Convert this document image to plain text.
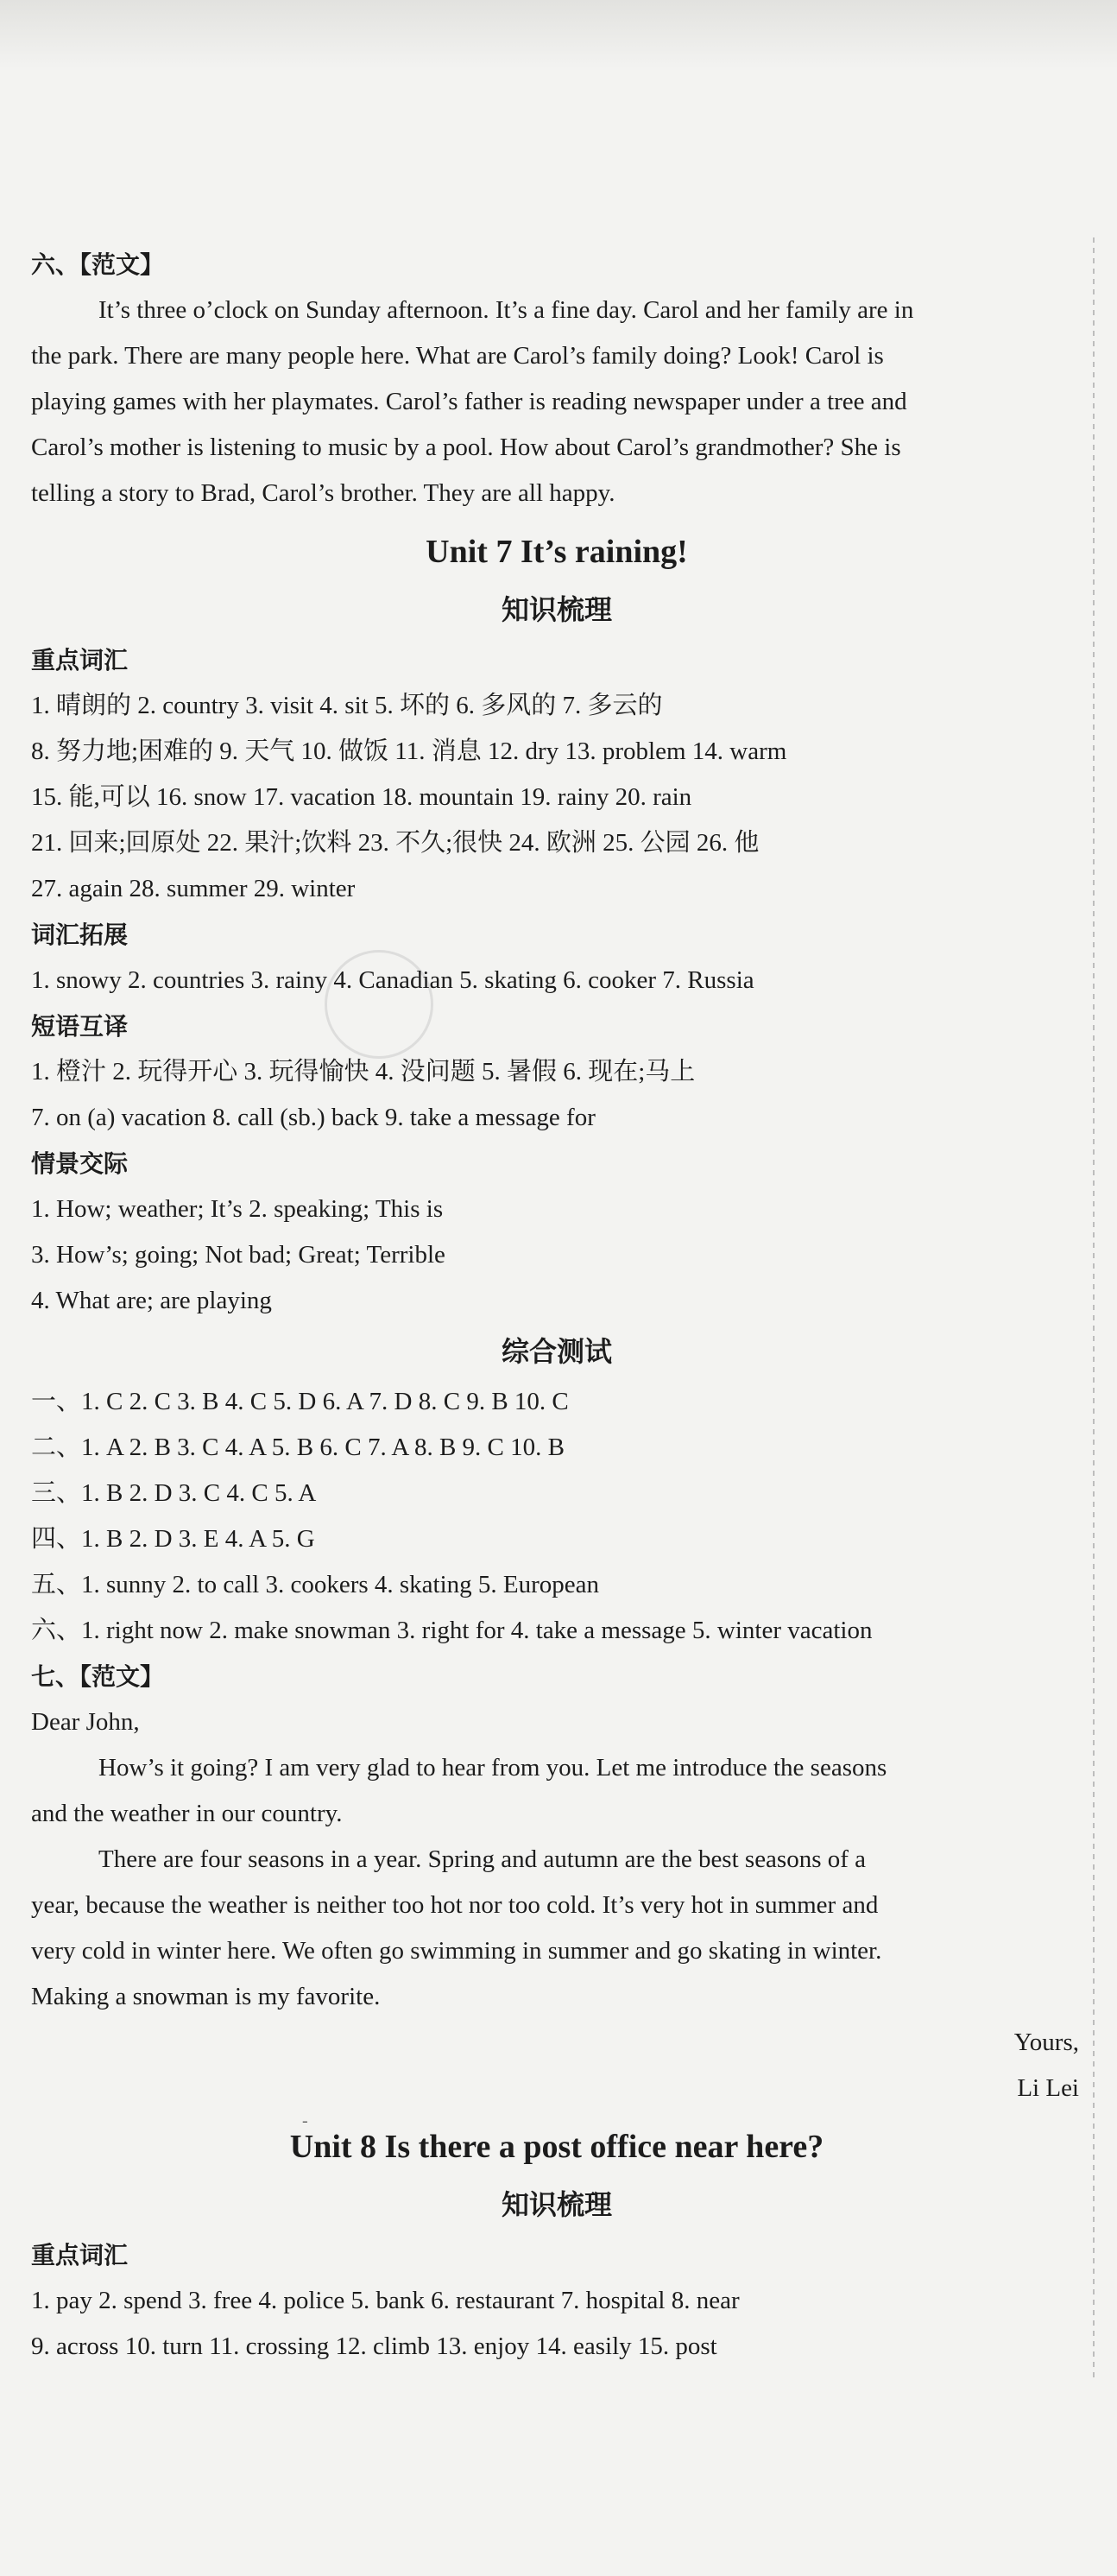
-
六、【范文】
It’s three o’clock on Sunday afternoon. It’s a fine day. Carol and her family are in
the park. There are many people here. What are Carol’s family doing? Look! Carol is
playing games with her playmates. Carol’s father is reading newspaper under a tree and
Carol’s mother is listening to music by a pool. How about Carol’s grandmother? She is
telling a story to Brad, Carol’s brother. They are all happy.
Unit 7 It’s raining!
知识梳理
重点词汇
1. 晴朗的 2. country 3. visit 4. sit 5. 坏的 6. 多风的 7. 多云的
8. 努力地;困难的 9. 天气 10. 做饭 11. 消息 12. dry 13. problem 14. warm
15. 能,可以 16. snow 17. vacation 18. mountain 19. rainy 20. rain
21. 回来;回原处 22. 果汁;饮料 23. 不久;很快 24. 欧洲 25. 公园 26. 他
27. again 28. summer 29. winter
词汇拓展
1. snowy 2. countries 3. rainy 4. Canadian 5. skating 6. cooker 7. Russia
短语互译
1. 橙汁 2. 玩得开心 3. 玩得愉快 4. 没问题 5. 暑假 6. 现在;马上
7. on (a) vacation 8. call (sb.) back 9. take a message for
情景交际
1. How; weather; It’s 2. speaking; This is
3. How’s; going; Not bad; Great; Terrible
4. What are; are playing
综合测试
一、1. C 2. C 3. B 4. C 5. D 6. A 7. D 8. C 9. B 10. C
二、1. A 2. B 3. C 4. A 5. B 6. C 7. A 8. B 9. C 10. B
三、1. B 2. D 3. C 4. C 5. A
四、1. B 2. D 3. E 4. A 5. G
五、1. sunny 2. to call 3. cookers 4. skating 5. European
六、1. right now 2. make snowman 3. right for 4. take a message 5. winter vacation
七、【范文】
Dear John,
How’s it going? I am very glad to hear from you. Let me introduce the seasons
and the weather in our country.
There are four seasons in a year. Spring and autumn are the best seasons of a
year, because the weather is neither too hot nor too cold. It’s very hot in summer and
very cold in winter here. We often go swimming in summer and go skating in winter.
Making a snowman is my favorite.
Yours,
Li Lei
Unit 8 Is there a post office near here?
知识梳理
重点词汇
1. pay 2. spend 3. free 4. police 5. bank 6. restaurant 7. hospital 8. near
9. across 10. turn 11. crossing 12. climb 13. enjoy 14. easily 15. post
